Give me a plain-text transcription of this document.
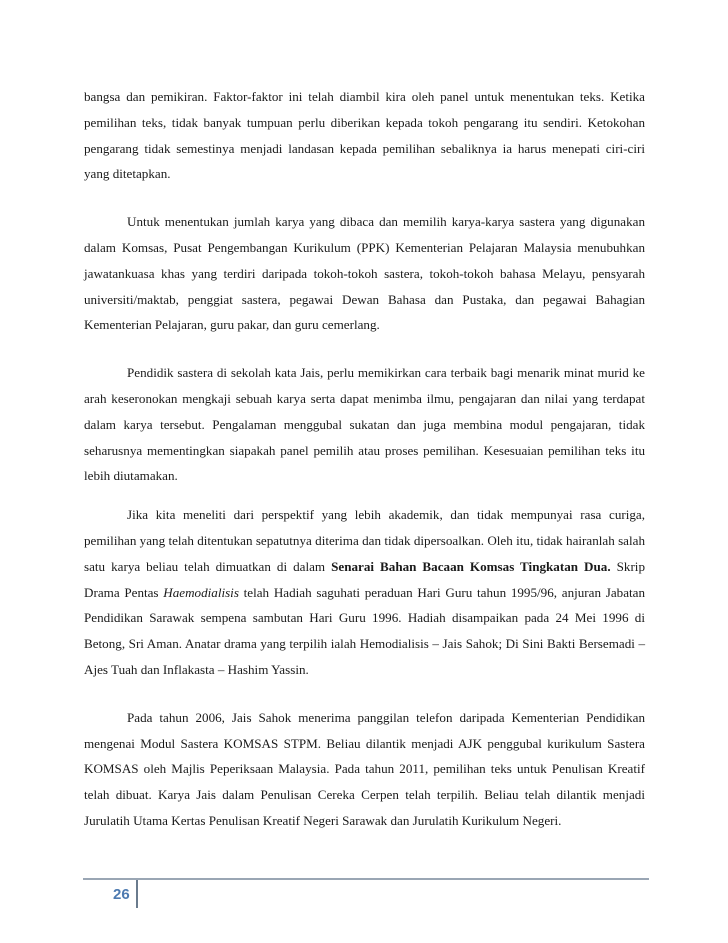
bangsa dan pemikiran. Faktor-faktor ini telah diambil kira oleh panel untuk menentukan teks. Ketika pemilihan teks, tidak banyak tumpuan perlu diberikan kepada tokoh pengarang itu sendiri. Ketokohan pengarang tidak semestinya menjadi landasan kepada pemilihan sebaliknya ia harus menepati ciri-ciri yang ditetapkan.

Untuk menentukan jumlah karya yang dibaca dan memilih karya-karya sastera yang digunakan dalam Komsas, Pusat Pengembangan Kurikulum (PPK) Kementerian Pelajaran Malaysia menubuhkan jawatankuasa khas yang terdiri daripada tokoh-tokoh sastera, tokoh-tokoh bahasa Melayu, pensyarah universiti/maktab, penggiat sastera, pegawai Dewan Bahasa dan Pustaka, dan pegawai Bahagian Kementerian Pelajaran, guru pakar, dan guru cemerlang.

Pendidik sastera di sekolah kata Jais, perlu memikirkan cara terbaik bagi menarik minat murid ke arah keseronokan mengkaji sebuah karya serta dapat menimba ilmu, pengajaran dan nilai yang terdapat dalam karya tersebut. Pengalaman menggubal sukatan dan juga membina modul pengajaran, tidak seharusnya mementingkan siapakah panel pemilih atau proses pemilihan. Kesesuaian pemilihan teks itu lebih diutamakan.

Jika kita meneliti dari perspektif yang lebih akademik, dan tidak mempunyai rasa curiga, pemilihan yang telah ditentukan sepatutnya diterima dan tidak dipersoalkan. Oleh itu, tidak hairanlah salah satu karya beliau telah dimuatkan di dalam Senarai Bahan Bacaan Komsas Tingkatan Dua. Skrip Drama Pentas Haemodialisis telah Hadiah saguhati peraduan Hari Guru tahun 1995/96, anjuran Jabatan Pendidikan Sarawak sempena sambutan Hari Guru 1996. Hadiah disampaikan pada 24 Mei 1996 di Betong, Sri Aman. Anatar drama yang terpilih ialah Hemodialisis – Jais Sahok; Di Sini Bakti Bersemadi –Ajes Tuah dan Inflakasta – Hashim Yassin.

Pada tahun 2006, Jais Sahok menerima panggilan telefon daripada Kementerian Pendidikan mengenai Modul Sastera KOMSAS STPM. Beliau dilantik menjadi AJK penggubal kurikulum Sastera KOMSAS oleh Majlis Peperiksaan Malaysia. Pada tahun 2011, pemilihan teks untuk Penulisan Kreatif telah dibuat. Karya Jais dalam Penulisan Cereka Cerpen telah terpilih. Beliau telah dilantik menjadi Jurulatih Utama Kertas Penulisan Kreatif Negeri Sarawak dan Jurulatih Kurikulum Negeri.

26
